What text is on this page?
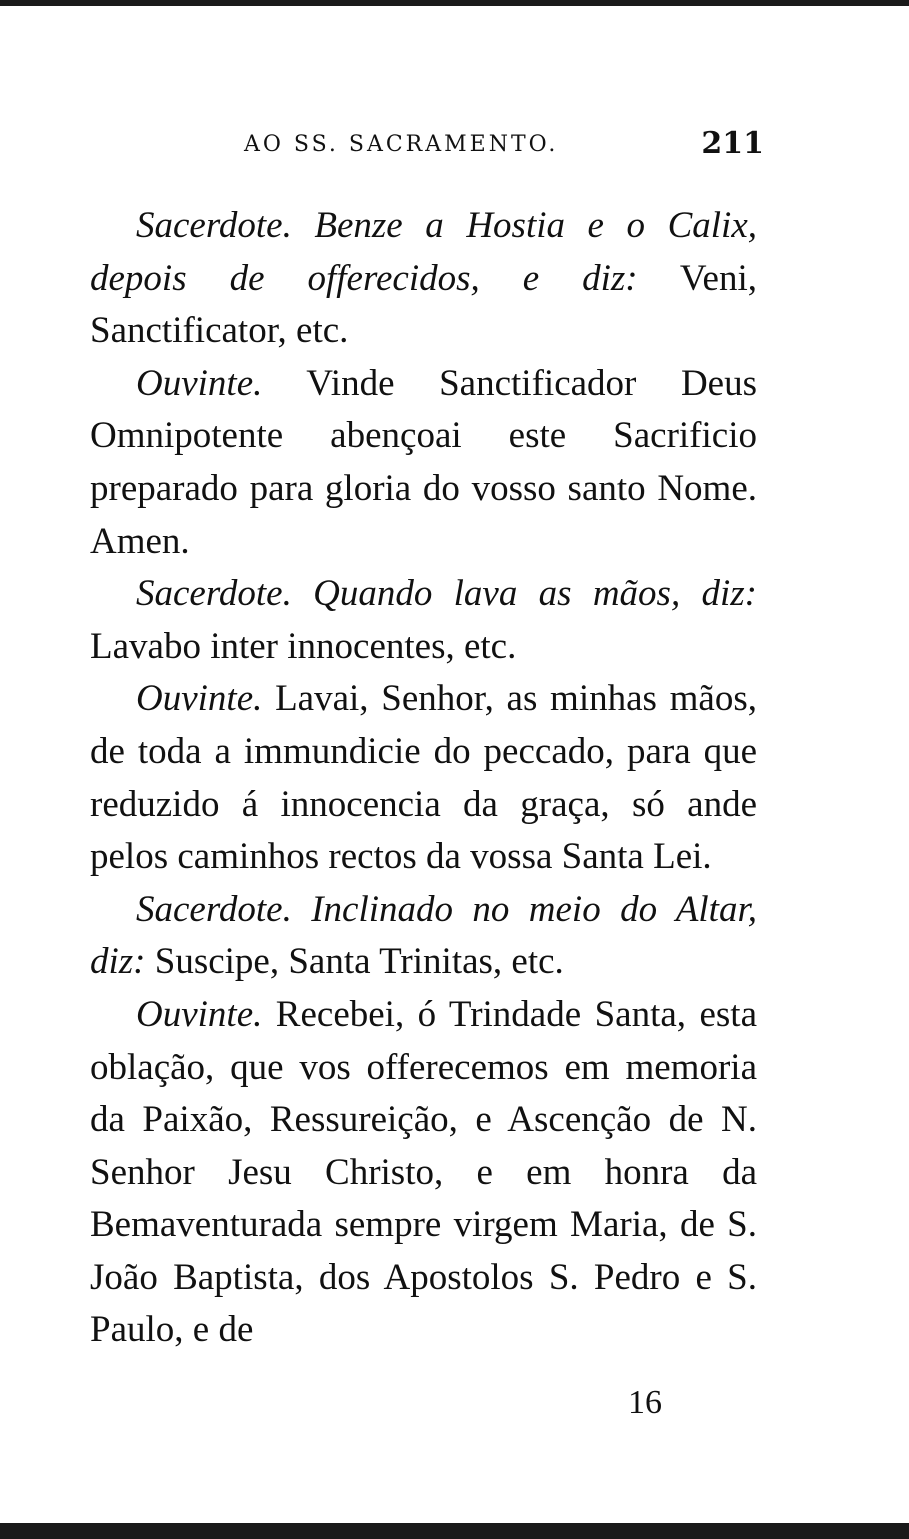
AO SS. SACRAMENTO.	211

Sacerdote. Benze a Hostia e o Calix, depois de offerecidos, e diz: Veni, Sanctificator, etc.

Ouvinte. Vinde Sanctificador Deus Omnipotente abençoai este Sacrificio preparado para gloria do vosso santo Nome. Amen.

Sacerdote. Quando lava as mãos, diz: Lavabo inter innocentes, etc.

Ouvinte. Lavai, Senhor, as minhas mãos, de toda a immundicie do peccado, para que reduzido á innocencia da graça, só ande pelos caminhos rectos da vossa Santa Lei.

Sacerdote. Inclinado no meio do Altar, diz: Suscipe, Santa Trinitas, etc.

Ouvinte. Recebei, ó Trindade Santa, esta oblação, que vos offerecemos em memoria da Paixão, Ressureição, e Ascenção de N. Senhor Jesu Christo, e em honra da Bemaventurada sempre virgem Maria, de S. João Baptista, dos Apostolos S. Pedro e S. Paulo, e de

16
